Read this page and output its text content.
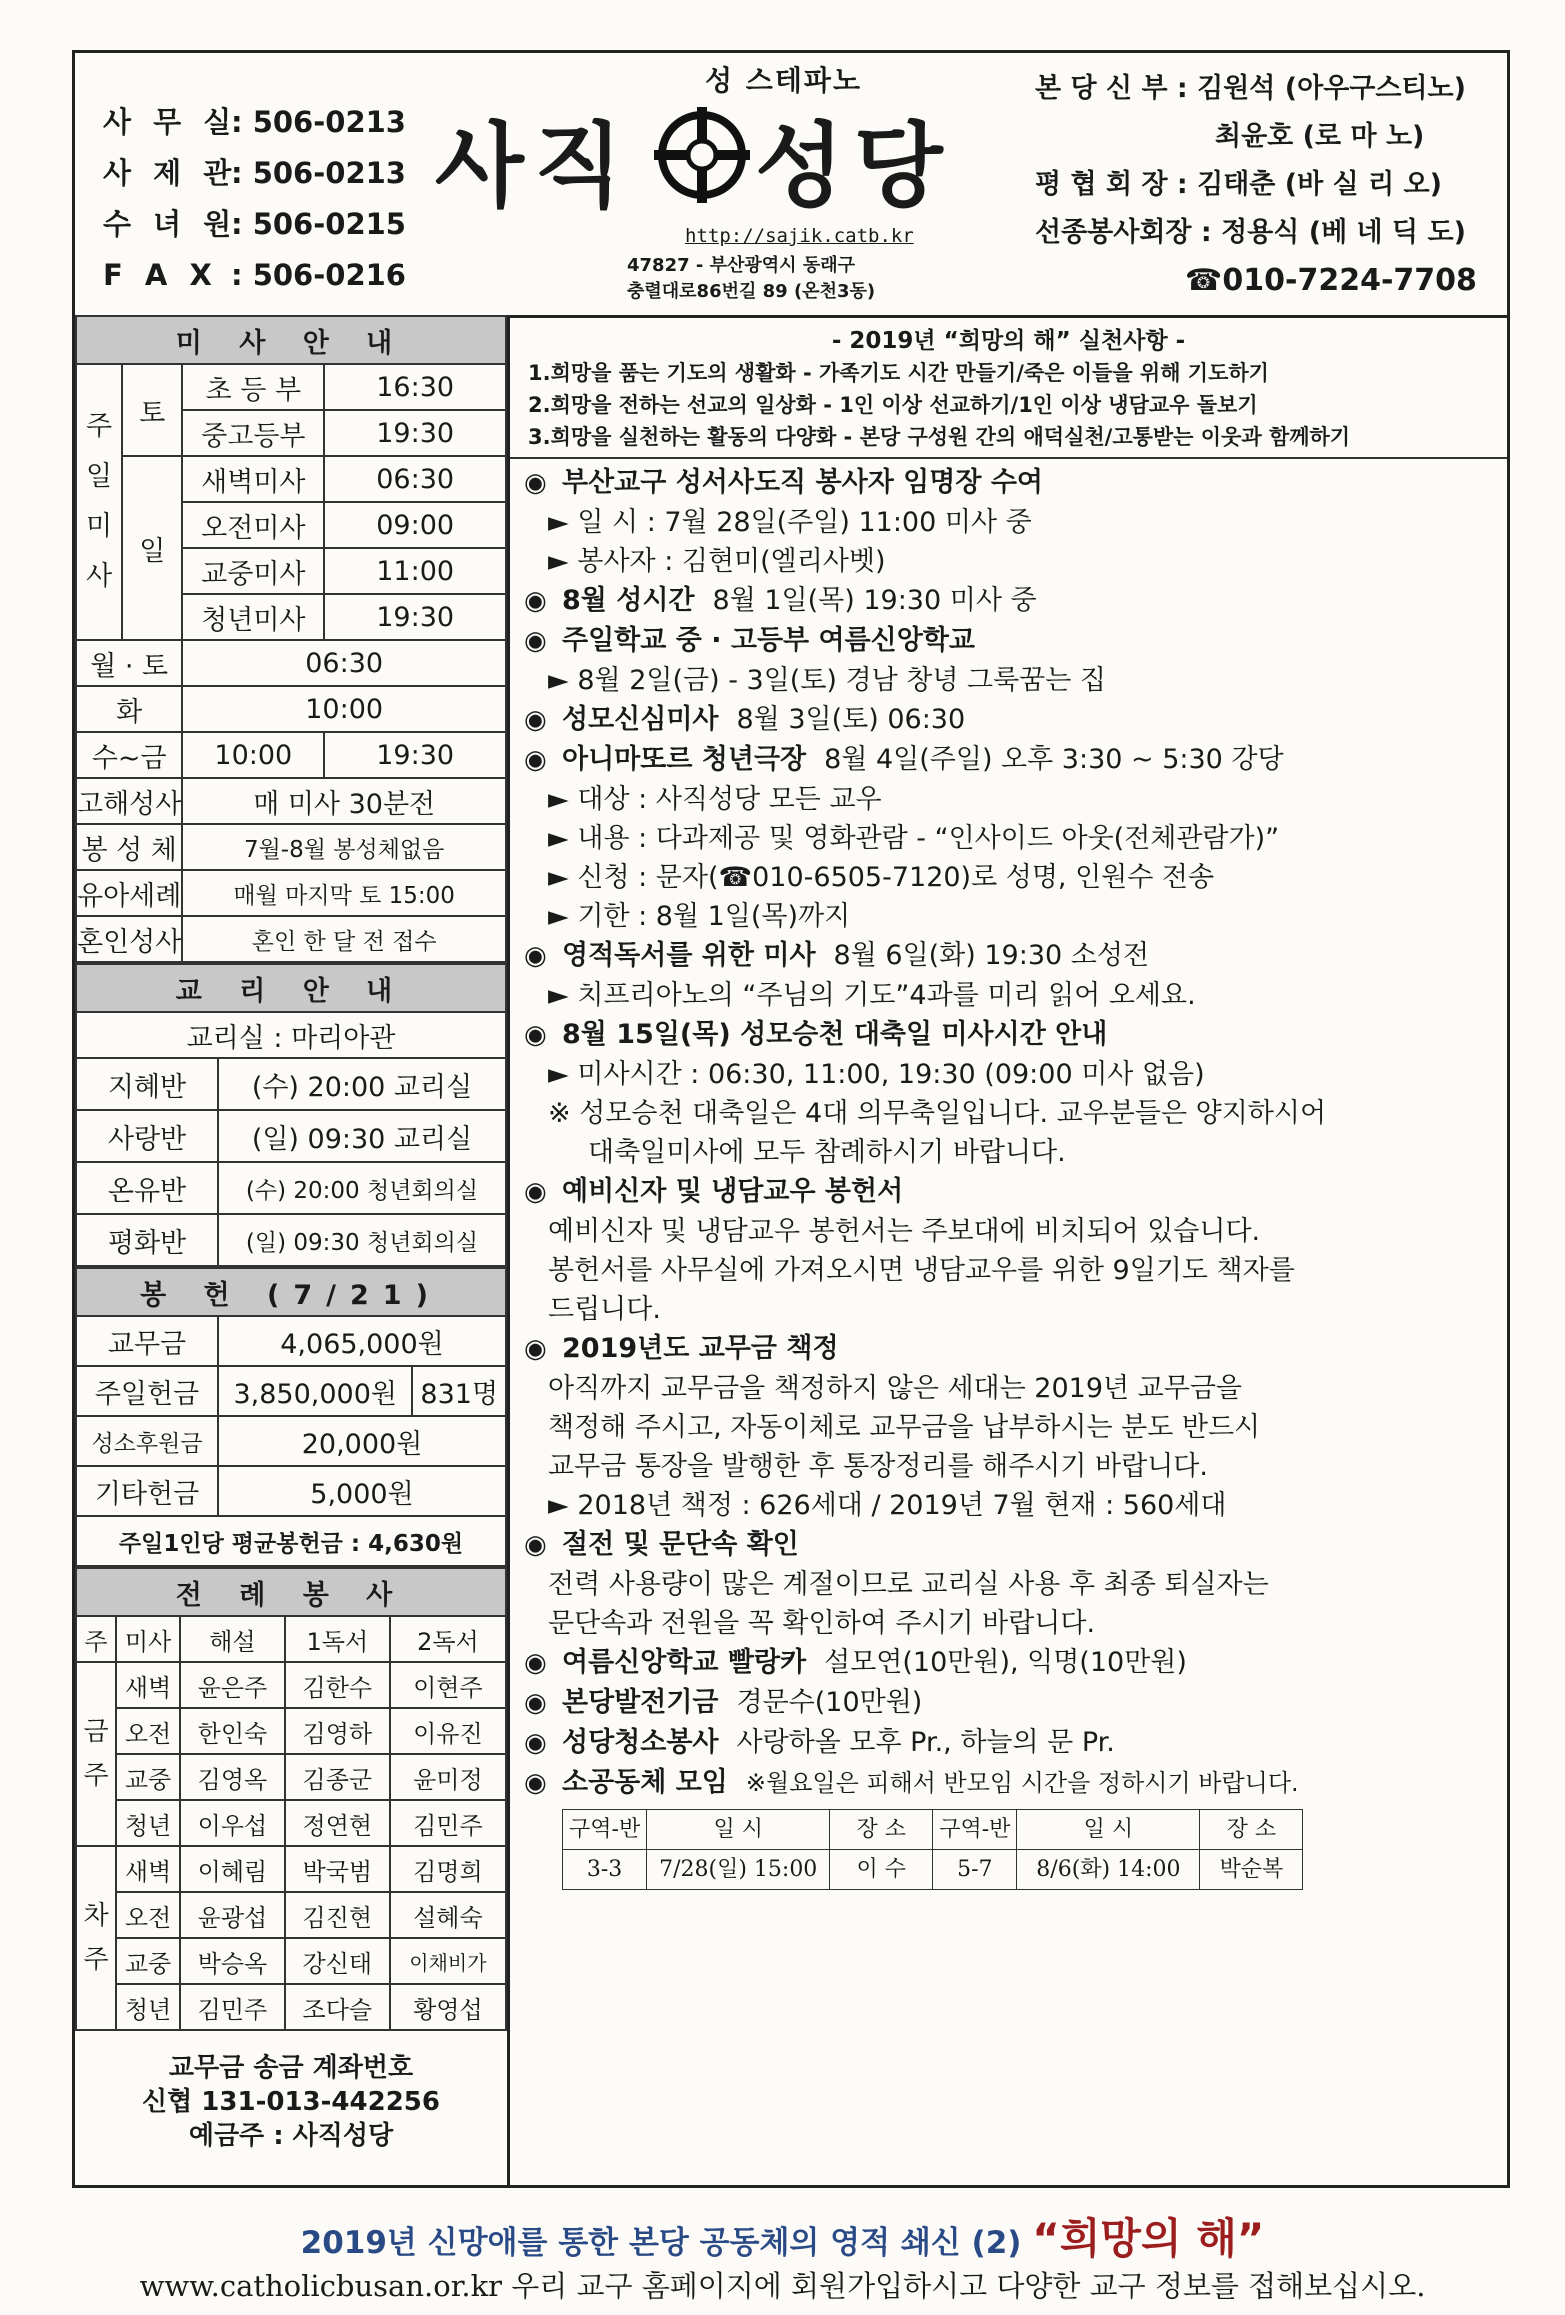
사 무 실
: 506-0213
사 제 관
: 506-0213
수 녀 원
: 506-0215
F A X : 506-0216
성 스테파노
사직 성당
http://sajik.catb.kr
47827 - 부산광역시 동래구
충렬대로86번길 89 (온천3동)
본 당 신 부 : 김원석 (아우구스티노)
최윤호 (로 마 노)
평 협 회 장 : 김태춘 (바 실 리 오)
선종봉사회장 : 정용식 (베 네 딕 도)
☎010-7224-7708
미 사 안 내			
주 일 미 사	토	초 등 부	16:30
		중고등부	19:30
	일	새벽미사	06:30
		오전미사	09:00
		교중미사	11:00
		청년미사	19:30
월 · 토		06:30	
화		10:00	
수~금		10:00	19:30
고해성사		매 미사 30분전	
봉 성 체		7월-8월 봉성체없음	
유아세례		매월 마지막 토 15:00	
혼인성사		혼인 한 달 전 접수	
교 리 안 내	
교리실 : 마리아관	
지혜반	(수) 20:00 교리실
사랑반	(일) 09:30 교리실
온유반	(수) 20:00 청년회의실
평화반	(일) 09:30 청년회의실
봉 헌 (7/21)		
교무금	4,065,000원	
주일헌금	3,850,000원	831명
성소후원금	20,000원	
기타헌금	5,000원	
주일1인당 평균봉헌금 : 4,630원		
전 례 봉 사				
주	미사	해설	1독서	2독서
금 주	새벽	윤은주	김한수	이현주
	오전	한인숙	김영하	이유진
	교중	김영옥	김종군	윤미정
	청년	이우섭	정연현	김민주
차 주	새벽	이혜림	박국범	김명희
	오전	윤광섭	김진현	설혜숙
	교중	박승옥	강신태	이채비가
	청년	김민주	조다슬	황영섭
교무금 송금 계좌번호
신협 131-013-442256
예금주 : 사직성당
- 2019년 “희망의 해” 실천사항 -
1.희망을 품는 기도의 생활화 - 가족기도 시간 만들기/죽은 이들을 위해 기도하기
2.희망을 전하는 선교의 일상화 - 1인 이상 선교하기/1인 이상 냉담교우 돌보기
3.희망을 실천하는 활동의 다양화 - 본당 구성원 간의 애덕실천/고통받는 이웃과 함께하기
◉ 부산교구 성서사도직 봉사자 임명장 수여
► 일 시 : 7월 28일(주일) 11:00 미사 중
► 봉사자 : 김현미(엘리사벳)
◉ 8월 성시간 8월 1일(목) 19:30 미사 중
◉ 주일학교 중 · 고등부 여름신앙학교
► 8월 2일(금) - 3일(토) 경남 창녕 그룩꿈는 집
◉ 성모신심미사 8월 3일(토) 06:30
◉ 아니마또르 청년극장 8월 4일(주일) 오후 3:30 ~ 5:30 강당
► 대상 : 사직성당 모든 교우
► 내용 : 다과제공 및 영화관람 - “인사이드 아웃(전체관람가)”
► 신청 : 문자(☎010-6505-7120)로 성명, 인원수 전송
► 기한 : 8월 1일(목)까지
◉ 영적독서를 위한 미사 8월 6일(화) 19:30 소성전
► 치프리아노의 “주님의 기도”4과를 미리 읽어 오세요.
◉ 8월 15일(목) 성모승천 대축일 미사시간 안내
► 미사시간 : 06:30, 11:00, 19:30 (09:00 미사 없음)
※ 성모승천 대축일은 4대 의무축일입니다. 교우분들은 양지하시어
대축일미사에 모두 참례하시기 바랍니다.
◉ 예비신자 및 냉담교우 봉헌서
예비신자 및 냉담교우 봉헌서는 주보대에 비치되어 있습니다.
봉헌서를 사무실에 가져오시면 냉담교우를 위한 9일기도 책자를
드립니다.
◉ 2019년도 교무금 책정
아직까지 교무금을 책정하지 않은 세대는 2019년 교무금을
책정해 주시고, 자동이체로 교무금을 납부하시는 분도 반드시
교무금 통장을 발행한 후 통장정리를 해주시기 바랍니다.
► 2018년 책정 : 626세대 / 2019년 7월 현재 : 560세대
◉ 절전 및 문단속 확인
전력 사용량이 많은 계절이므로 교리실 사용 후 최종 퇴실자는
문단속과 전원을 꼭 확인하여 주시기 바랍니다.
◉ 여름신앙학교 빨랑카 설모연(10만원), 익명(10만원)
◉ 본당발전기금 경문수(10만원)
◉ 성당청소봉사 사랑하올 모후 Pr., 하늘의 문 Pr.
◉ 소공동체 모임 ※월요일은 피해서 반모임 시간을 정하시기 바랍니다.
구역-반	일 시	장 소	구역-반	일 시	장 소
3-3	7/28(일) 15:00	이 수	5-7	8/6(화) 14:00	박순복
2019년 신망애를 통한 본당 공동체의 영적 쇄신 (2) “희망의 해”
www.catholicbusan.or.kr 우리 교구 홈페이지에 회원가입하시고 다양한 교구 정보를 접해보십시오.
